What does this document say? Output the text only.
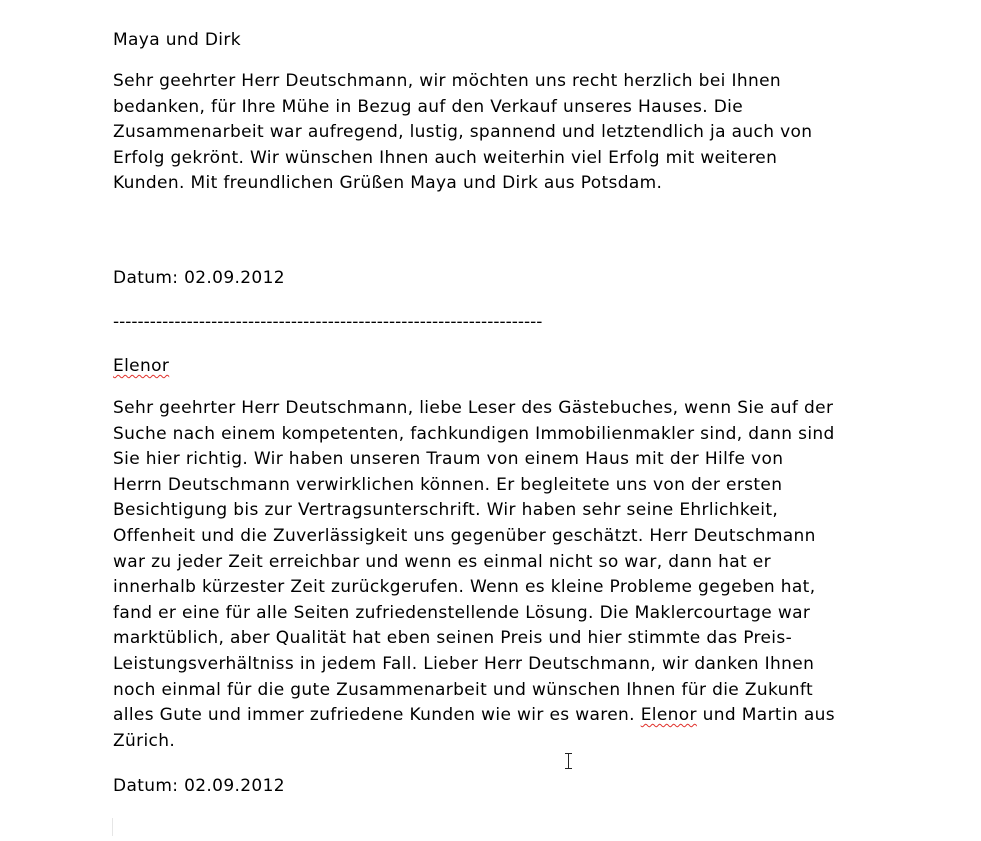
Maya und Dirk
Sehr geehrter Herr Deutschmann, wir möchten uns recht herzlich bei Ihnen
bedanken, für Ihre Mühe in Bezug auf den Verkauf unseres Hauses. Die
Zusammenarbeit war aufregend, lustig, spannend und letztendlich ja auch von
Erfolg gekrönt. Wir wünschen Ihnen auch weiterhin viel Erfolg mit weiteren
Kunden. Mit freundlichen Grüßen Maya und Dirk aus Potsdam.
Datum: 02.09.2012
----------------------------------------------------------------------
Elenor
Sehr geehrter Herr Deutschmann, liebe Leser des Gästebuches, wenn Sie auf der
Suche nach einem kompetenten, fachkundigen Immobilienmakler sind, dann sind
Sie hier richtig. Wir haben unseren Traum von einem Haus mit der Hilfe von
Herrn Deutschmann verwirklichen können. Er begleitete uns von der ersten
Besichtigung bis zur Vertragsunterschrift. Wir haben sehr seine Ehrlichkeit,
Offenheit und die Zuverlässigkeit uns gegenüber geschätzt. Herr Deutschmann
war zu jeder Zeit erreichbar und wenn es einmal nicht so war, dann hat er
innerhalb kürzester Zeit zurückgerufen. Wenn es kleine Probleme gegeben hat,
fand er eine für alle Seiten zufriedenstellende Lösung. Die Maklercourtage war
marktüblich, aber Qualität hat eben seinen Preis und hier stimmte das Preis-
Leistungsverhältniss in jedem Fall. Lieber Herr Deutschmann, wir danken Ihnen
noch einmal für die gute Zusammenarbeit und wünschen Ihnen für die Zukunft
alles Gute und immer zufriedene Kunden wie wir es waren. Elenor und Martin aus
Zürich.
Datum: 02.09.2012
